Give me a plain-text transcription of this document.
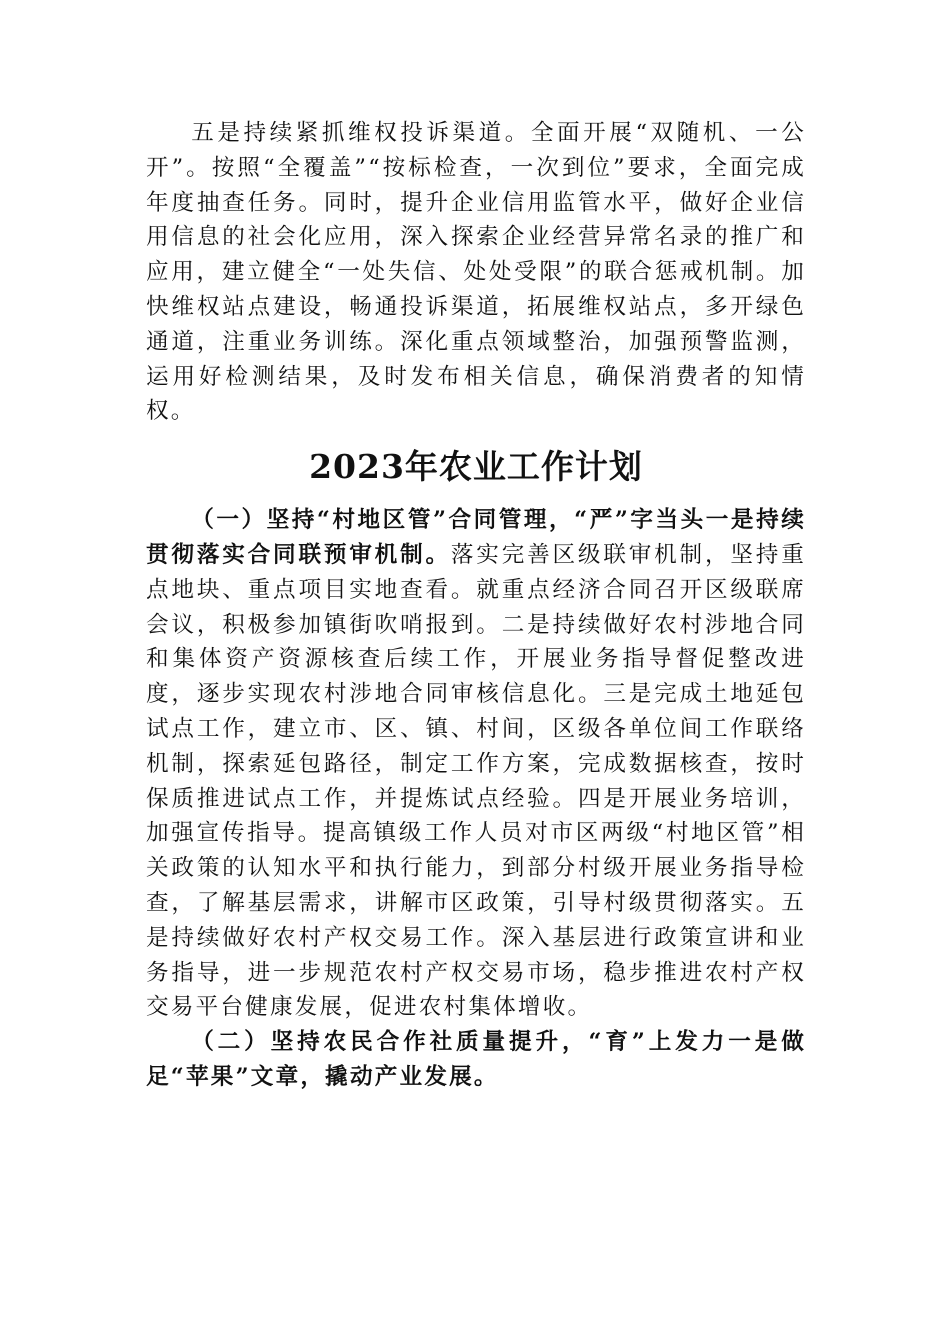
五是持续紧抓维权投诉渠道。全面开展“双随机、一公开”。按照“全覆盖”“按标检查，一次到位”要求，全面完成年度抽查任务。同时，提升企业信用监管水平，做好企业信用信息的社会化应用，深入探索企业经营异常名录的推广和应用，建立健全“一处失信、处处受限”的联合惩戒机制。加快维权站点建设，畅通投诉渠道，拓展维权站点，多开绿色通道，注重业务训练。深化重点领域整治，加强预警监测，运用好检测结果，及时发布相关信息，确保消费者的知情权。

2023年农业工作计划

（一）坚持“村地区管”合同管理，“严”字当头一是持续贯彻落实合同联预审机制。落实完善区级联审机制，坚持重点地块、重点项目实地查看。就重点经济合同召开区级联席会议，积极参加镇街吹哨报到。二是持续做好农村涉地合同和集体资产资源核查后续工作，开展业务指导督促整改进度，逐步实现农村涉地合同审核信息化。三是完成土地延包试点工作，建立市、区、镇、村间，区级各单位间工作联络机制，探索延包路径，制定工作方案，完成数据核查，按时保质推进试点工作，并提炼试点经验。四是开展业务培训，加强宣传指导。提高镇级工作人员对市区两级“村地区管”相关政策的认知水平和执行能力，到部分村级开展业务指导检查，了解基层需求，讲解市区政策，引导村级贯彻落实。五是持续做好农村产权交易工作。深入基层进行政策宣讲和业务指导，进一步规范农村产权交易市场，稳步推进农村产权交易平台健康发展，促进农村集体增收。

（二）坚持农民合作社质量提升，“育”上发力一是做足“苹果”文章，撬动产业发展。
